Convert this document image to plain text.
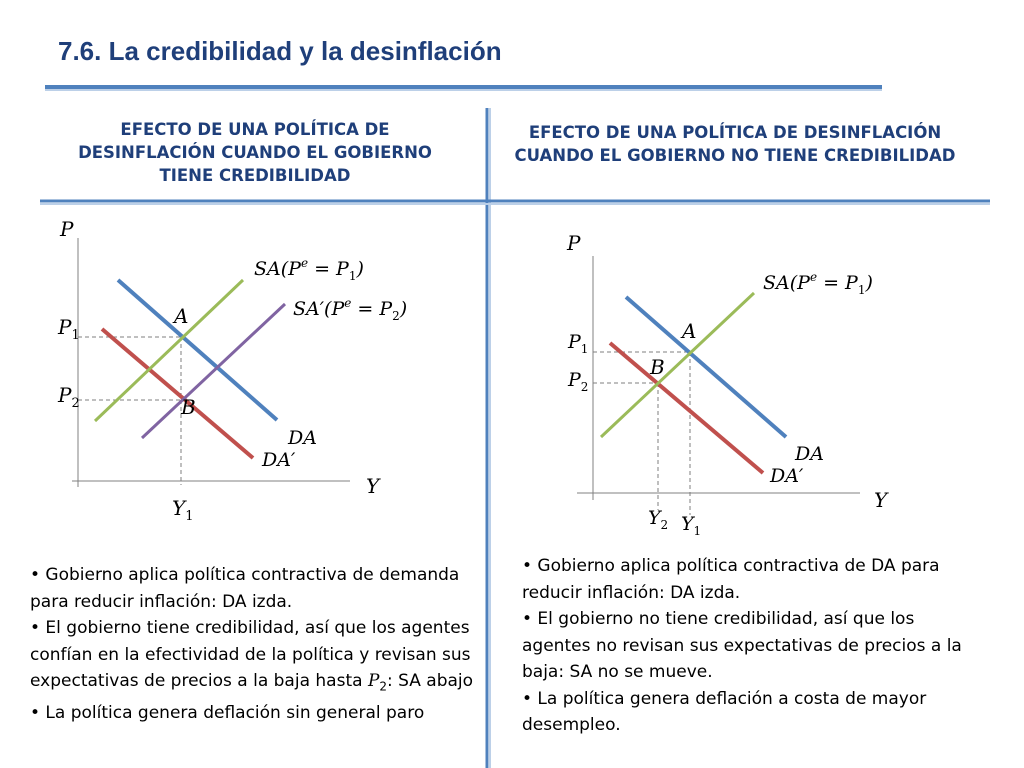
7.6. La credibilidad y la desinflación
P
Y
$P_1$
$P_2$
$Y_1$
A
B
DA
DA′
$SA(P^e = P_1)$
$SA'(P^e = P_2)$
P
Y
$P_1$
$P_2$
$Y_2$ $Y_1$
A
B
DA
DA′
$SA(P^e = P_1)$
EFECTO DE UNA POLÍTICA DE DESINFLACIÓN CUANDO EL GOBIERNO TIENE CREDIBILIDAD
EFECTO DE UNA POLÍTICA DE DESINFLACIÓN CUANDO EL GOBIERNO NO TIENE CREDIBILIDAD

• Gobierno aplica política contractiva de demanda para reducir inflación: DA izda.

• El gobierno tiene credibilidad, así que los agentes confían en la efectividad de la política y revisan sus expectativas de precios a la baja hasta $P_2$: SA abajo

• La política genera deflación sin general paro

• Gobierno aplica política contractiva de DA para reducir inflación: DA izda.

• El gobierno no tiene credibilidad, así que los agentes no revisan sus expectativas de precios a la baja: SA no se mueve.

• La política genera deflación a costa de mayor desempleo.
